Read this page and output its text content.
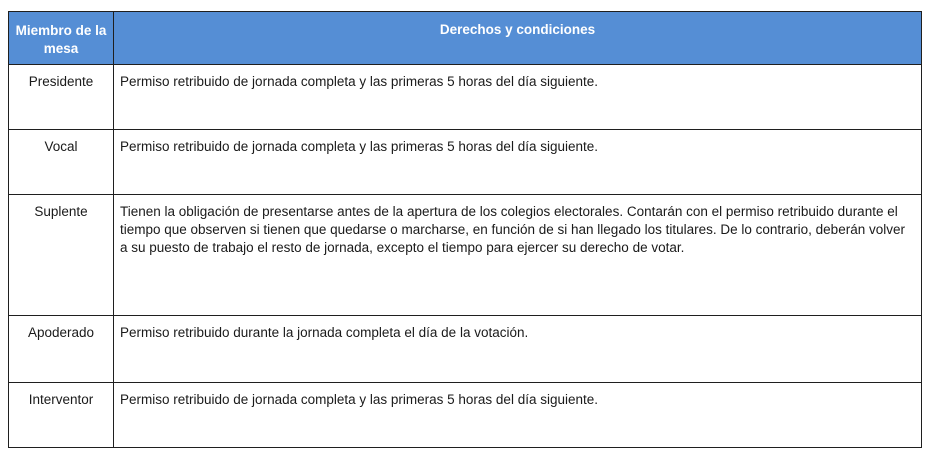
Miembro de la mesa	Derechos y condiciones
Presidente	Permiso retribuido de jornada completa y las primeras 5 horas del día siguiente.
Vocal	Permiso retribuido de jornada completa y las primeras 5 horas del día siguiente.
Suplente	Tienen la obligación de presentarse antes de la apertura de los colegios electorales. Contarán con el permiso retribuido durante el tiempo que observen si tienen que quedarse o marcharse, en función de si han llegado los titulares. De lo contrario, deberán volver a su puesto de trabajo el resto de jornada, excepto el tiempo para ejercer su derecho de votar.
Apoderado	Permiso retribuido durante la jornada completa el día de la votación.
Interventor	Permiso retribuido de jornada completa y las primeras 5 horas del día siguiente.
